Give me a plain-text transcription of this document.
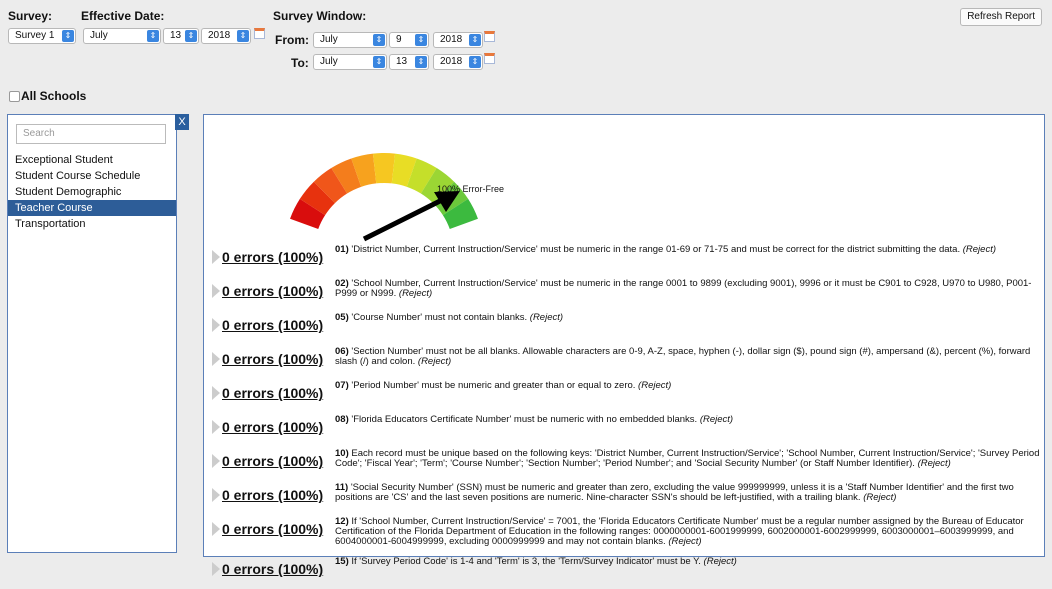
Survey: Effective Date:	Survey Window:	Refresh Report
Survey 1	⇕ July	⇕ 13 ⇕ 2018	⇕ From: July	⇕ 9	⇕ 2018	⇕
To: July	⇕ 13	⇕ 2018	⇕
All Schools
Search
Exceptional Student
Student Course Schedule
Student Demographic
Teacher Course
Transportation
X
100% Error-Free
0 errors (100%) 01) 'District Number, Current Instruction/Service' must be numeric in the range 01-69 or 71-75 and must be correct for the district submitting the data. (Reject)
0 errors (100%) 02) 'School Number, Current Instruction/Service' must be numeric in the range 0001 to 9899 (excluding 9001), 9996 or it must be C901 to C928, U970 to U980, P001-P999 or N999. (Reject)
0 errors (100%) 05) 'Course Number' must not contain blanks. (Reject)
0 errors (100%) 06) 'Section Number' must not be all blanks. Allowable characters are 0-9, A-Z, space, hyphen (-), dollar sign ($), pound sign (#), ampersand (&), percent (%), forward slash (/) and colon. (Reject)
0 errors (100%) 07) 'Period Number' must be numeric and greater than or equal to zero. (Reject)
0 errors (100%) 08) 'Florida Educators Certificate Number' must be numeric with no embedded blanks. (Reject)
0 errors (100%) 10) Each record must be unique based on the following keys: 'District Number, Current Instruction/Service'; 'School Number, Current Instruction/Service'; 'Survey Period Code'; 'Fiscal Year'; 'Term'; 'Course Number'; 'Section Number'; 'Period Number'; and 'Social Security Number' (or Staff Number Identifier). (Reject)
0 errors (100%) 11) 'Social Security Number' (SSN) must be numeric and greater than zero, excluding the value 999999999, unless it is a 'Staff Number Identifier' and the first two positions are 'CS' and the last seven positions are numeric. Nine-character SSN's should be left-justified, with a trailing blank. (Reject)
0 errors (100%) 12) If 'School Number, Current Instruction/Service' = 7001, the 'Florida Educators Certificate Number' must be a regular number assigned by the Bureau of Educator Certification of the Florida Department of Education in the following ranges: 0000000001-6001999999, 6002000001-6002999999, 6003000001–6003999999, and 6004000001-6004999999, excluding 0000999999 and may not contain blanks. (Reject)
0 errors (100%) 15) If 'Survey Period Code' is 1-4 and 'Term' is 3, the 'Term/Survey Indicator' must be Y. (Reject)
